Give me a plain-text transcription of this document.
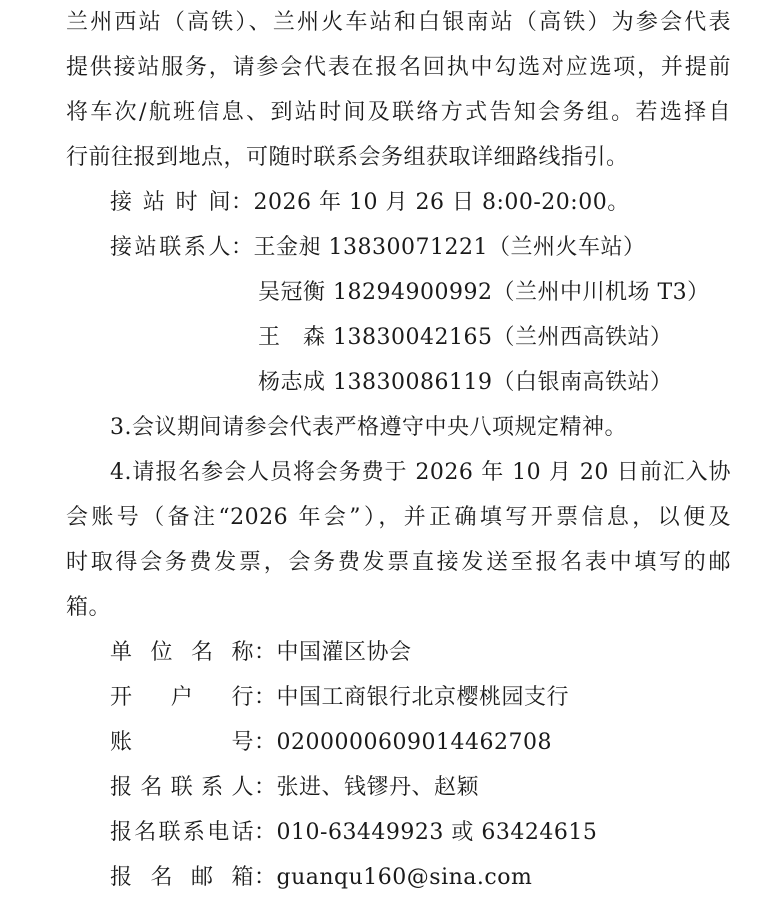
兰州西站（高铁）、兰州火车站和白银南站（高铁）为参会代表
提供接站服务，请参会代表在报名回执中勾选对应选项，并提前
将车次/航班信息、到站时间及联络方式告知会务组。若选择自
行前往报到地点，可随时联系会务组获取详细路线指引。
接站时间：2026 年 10 月 26 日 8:00-20:00。
接站联系人：王金昶 13830071221（兰州火车站）
吴冠衡 18294900992（兰州中川机场 T3）
王　森 13830042165（兰州西高铁站）
杨志成 13830086119（白银南高铁站）
3.会议期间请参会代表严格遵守中央八项规定精神。
4.请报名参会人员将会务费于 2026 年 10 月 20 日前汇入协
会账号（备注“2026 年会”），并正确填写开票信息，以便及
时取得会务费发票，会务费发票直接发送至报名表中填写的邮
箱。
单位名称：中国灌区协会
开户行：中国工商银行北京樱桃园支行
账号：0200000609014462708
报名联系人：张进、钱镠丹、赵颖
报名联系电话：010-63449923 或 63424615
报名邮箱：guanqu160@sina.com
